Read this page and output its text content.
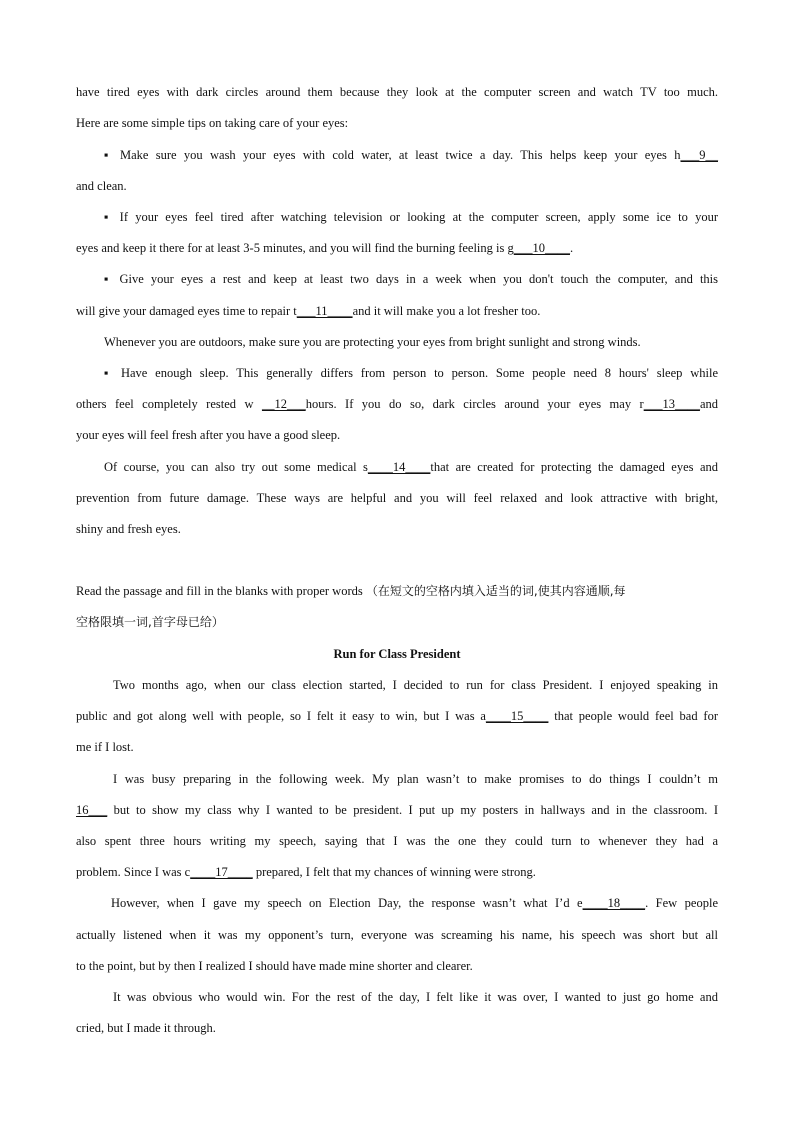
have tired eyes with dark circles around them because they look at the computer screen and watch TV too much.
Here are some simple tips on taking care of your eyes:
▪ Make sure you wash your eyes with cold water, at least twice a day. This helps keep your eyes h___9__
and clean.
▪ If your eyes feel tired after watching television or looking at the computer screen, apply some ice to your
eyes and keep it there for at least 3-5 minutes, and you will find the burning feeling is g___10____.
▪ Give your eyes a rest and keep at least two days in a week when you don't touch the computer, and this
will give your damaged eyes time to repair t___11____and it will make you a lot fresher too.
Whenever you are outdoors, make sure you are protecting your eyes from bright sunlight and strong winds.
▪ Have enough sleep. This generally differs from person to person. Some people need 8 hours' sleep while
others feel completely rested w __12___hours. If you do so, dark circles around your eyes may r___13____and
your eyes will feel fresh after you have a good sleep.
Of course, you can also try out some medical s____14____that are created for protecting the damaged eyes and
prevention from future damage. These ways are helpful and you will feel relaxed and look attractive with bright,
shiny and fresh eyes.
Read the passage and fill in the blanks with proper words （在短文的空格内填入适当的词,使其内容通顺,每
空格限填一词,首字母已给）
Run for Class President
Two months ago, when our class election started, I decided to run for class President. I enjoyed speaking in
public and got along well with people, so I felt it easy to win, but I was a____15____ that people would feel bad for
me if I lost.
I was busy preparing in the following week. My plan wasn’t to make promises to do things I couldn’t m
16___ but to show my class why I wanted to be president. I put up my posters in hallways and in the classroom. I
also spent three hours writing my speech, saying that I was the one they could turn to whenever they had a
problem. Since I was c____17____ prepared, I felt that my chances of winning were strong.
However, when I gave my speech on Election Day, the response wasn’t what I’d e____18____. Few people
actually listened when it was my opponent’s turn, everyone was screaming his name, his speech was short but all
to the point, but by then I realized I should have made mine shorter and clearer.
It was obvious who would win. For the rest of the day, I felt like it was over, I wanted to just go home and
cried, but I made it through.
